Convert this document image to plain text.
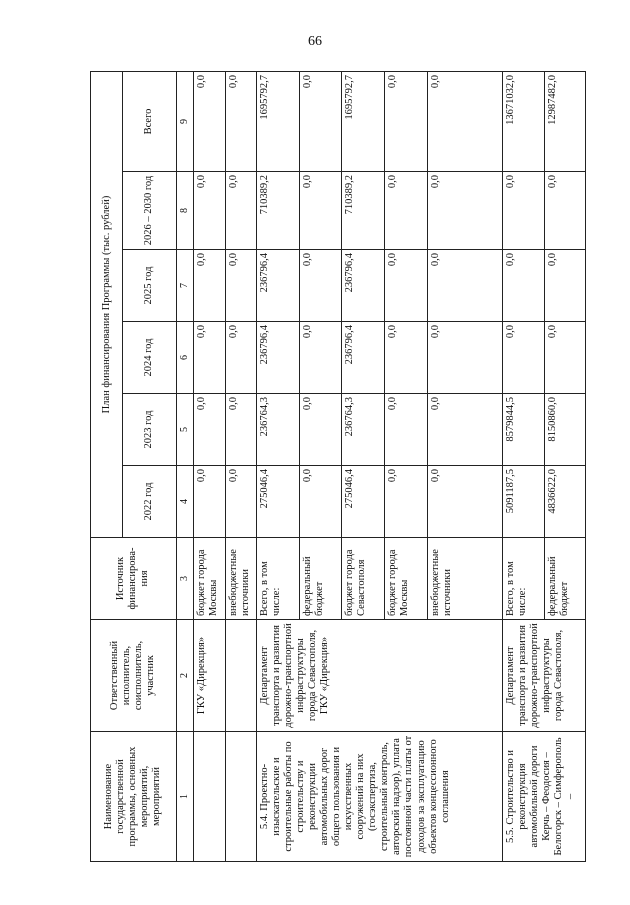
66
Наименование государственной программы, основных мероприятий, мероприятий	Ответственный исполнитель, соисполнитель, участник	Источник финансирова-ния	План финансирования Программы (тыс. рублей)					
			2022 год	2023 год	2024 год	2025 год	2026 – 2030 год	Всего
1	2	3	4	5	6	7	8	9
	ГКУ «Дирекция»	бюджет города Москвы	0,0	0,0	0,0	0,0	0,0	0,0
		внебюджетные источники	0,0	0,0	0,0	0,0	0,0	0,0
5.4. Проектно-изыскательские и строительные работы по строительству и реконструкции автомобильных дорог общего пользования и искусственных сооружений на них (госэкспертиза, строительный контроль, авторский надзор), уплата постоянной части платы от доходов за эксплуатацию объектов концессионного соглашения	Департамент транспорта и развития дорожно-транспортной инфраструктуры города Севастополя, ГКУ «Дирекция»	Всего, в том числе:	275046,4	236764,3	236796,4	236796,4	710389,2	1695792,7
		федеральный бюджет	0,0	0,0	0,0	0,0	0,0	0,0
		бюджет города Севастополя	275046,4	236764,3	236796,4	236796,4	710389,2	1695792,7
		бюджет города Москвы	0,0	0,0	0,0	0,0	0,0	0,0
		внебюджетные источники	0,0	0,0	0,0	0,0	0,0	0,0
5.5. Строительство и реконструкция автомобильной дороги Керчь – Феодосия – Белогорск – Симферополь –	Департамент транспорта и развития дорожно-транспортной инфраструктуры города Севастополя,	Всего, в том числе:	5091187,5	8579844,5	0,0	0,0	0,0	13671032,0
		федеральный бюджет	4836622,0	8150860,0	0,0	0,0	0,0	12987482,0
